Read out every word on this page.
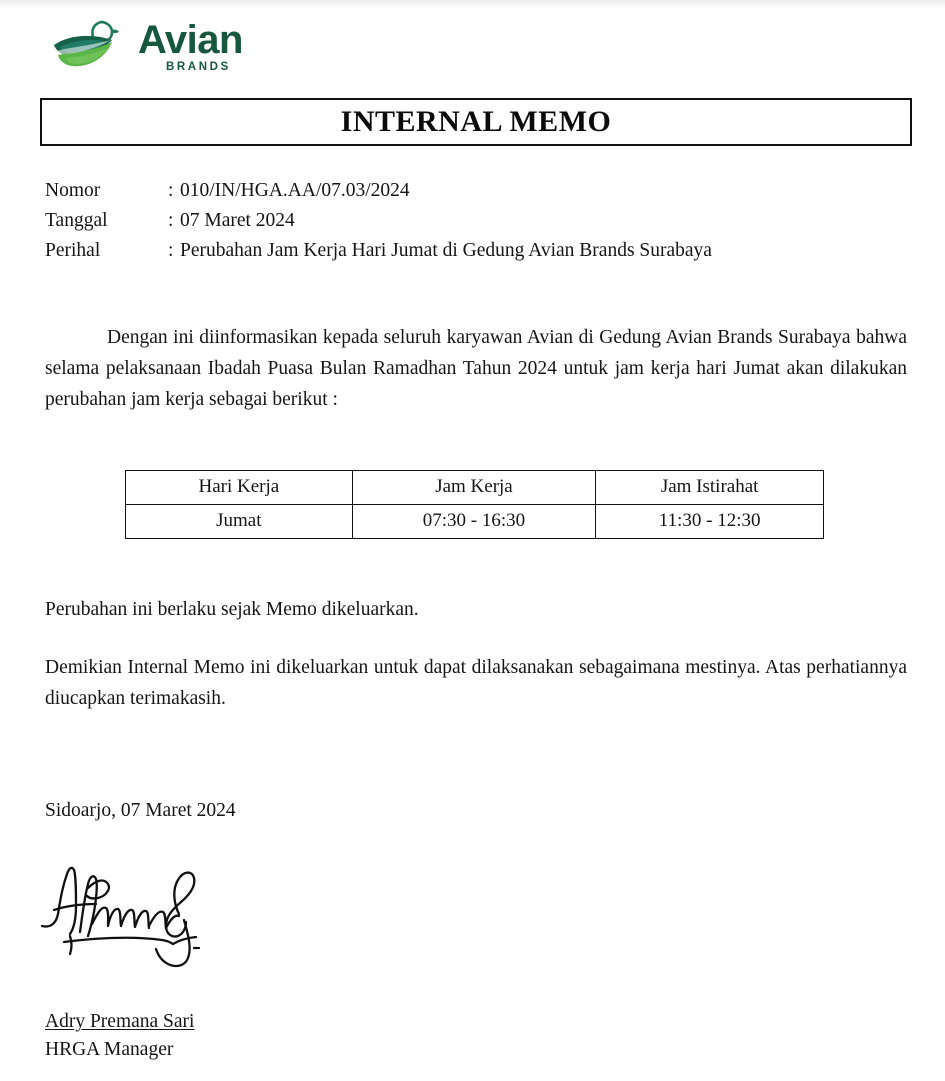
Avian
BRANDS
INTERNAL MEMO
Nomor	: 010/IN/HGA.AA/07.03/2024
Tanggal	: 07 Maret 2024
Perihal	: Perubahan Jam Kerja Hari Jumat di Gedung Avian Brands Surabaya
Dengan ini diinformasikan kepada seluruh karyawan Avian di Gedung Avian Brands Surabaya bahwa selama pelaksanaan Ibadah Puasa Bulan Ramadhan Tahun 2024 untuk jam kerja hari Jumat akan dilakukan perubahan jam kerja sebagai berikut :
Hari Kerja	Jam Kerja	Jam Istirahat
Jumat	07:30 - 16:30	11:30 - 12:30
Perubahan ini berlaku sejak Memo dikeluarkan.
Demikian Internal Memo ini dikeluarkan untuk dapat dilaksanakan sebagaimana mestinya. Atas perhatiannya diucapkan terimakasih.
Sidoarjo, 07 Maret 2024
Adry Premana Sari
HRGA Manager
